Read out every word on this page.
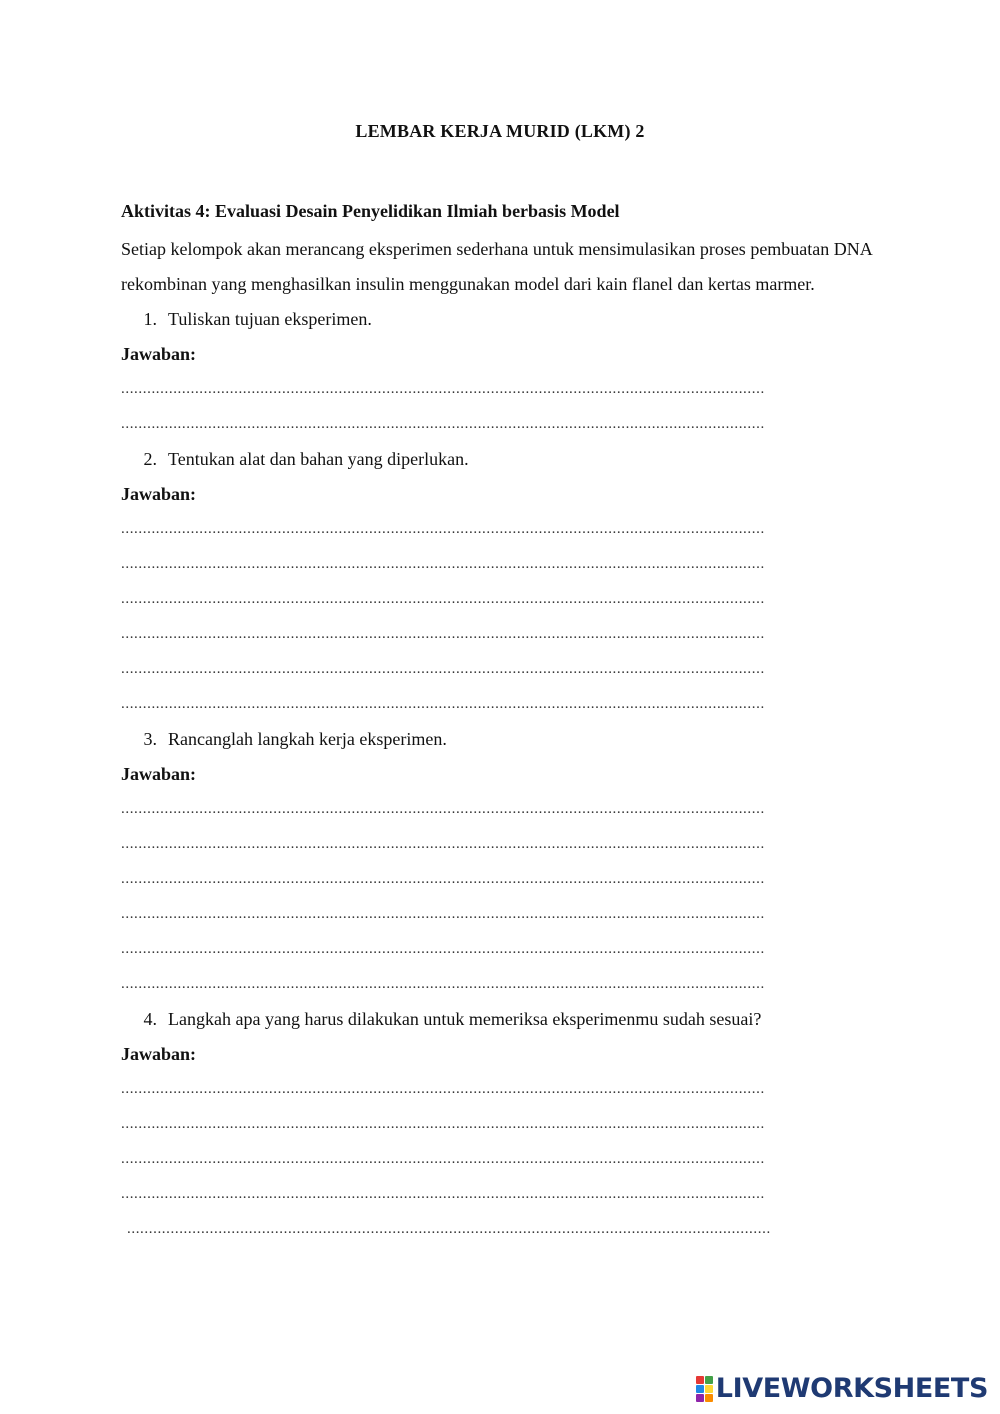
LEMBAR KERJA MURID (LKM) 2

Aktivitas 4: Evaluasi Desain Penyelidikan Ilmiah berbasis Model

Setiap kelompok akan merancang eksperimen sederhana untuk mensimulasikan proses pembuatan DNA rekombinan yang menghasilkan insulin menggunakan model dari kain flanel dan kertas marmer.

1. Tuliskan tujuan eksperimen.
Jawaban:
....................................................................................................................................................
....................................................................................................................................................
2. Tentukan alat dan bahan yang diperlukan.
Jawaban:
....................................................................................................................................................
....................................................................................................................................................
....................................................................................................................................................
....................................................................................................................................................
....................................................................................................................................................
....................................................................................................................................................
3. Rancanglah langkah kerja eksperimen.
Jawaban:
....................................................................................................................................................
....................................................................................................................................................
....................................................................................................................................................
....................................................................................................................................................
....................................................................................................................................................
....................................................................................................................................................
4. Langkah apa yang harus dilakukan untuk memeriksa eksperimenmu sudah sesuai?
Jawaban:
....................................................................................................................................................
....................................................................................................................................................
....................................................................................................................................................
....................................................................................................................................................
....................................................................................................................................................
LIVEWORKSHEETS
